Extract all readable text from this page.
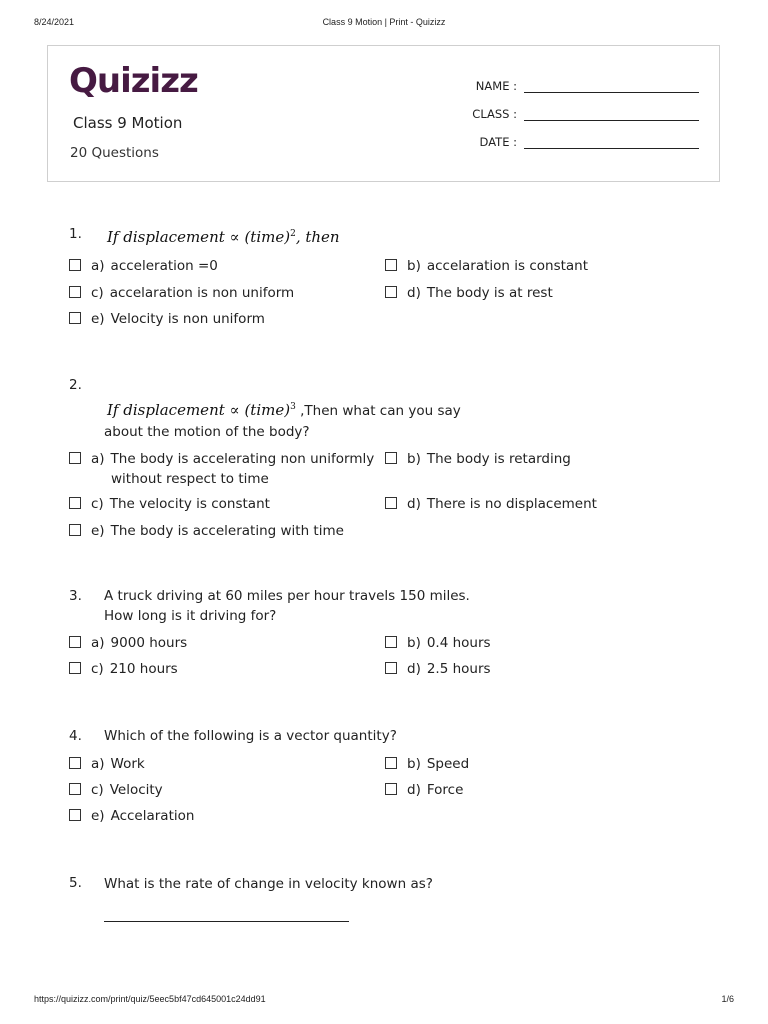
8/24/2021	Class 9 Motion | Print - Quizizz
Quizizz
Class 9 Motion
20 Questions
NAME :
CLASS :
DATE :
1. If displacement ∝ (time)$^2$, then
a) acceleration =0	b) accelaration is constant
c) accelaration is non uniform	d) The body is at rest
e) Velocity is non uniform
2.
If displacement ∝ (time)$^3$ ,Then what can you say
about the motion of the body?
a) The body is accelerating non uniformly
without respect to time
b) The body is retarding
c) The velocity is constant	d) There is no displacement
e) The body is accelerating with time
3. A truck driving at 60 miles per hour travels 150 miles.
How long is it driving for?
a) 9000 hours	b) 0.4 hours
c) 210 hours	d) 2.5 hours
4. Which of the following is a vector quantity?
a) Work	b) Speed
c) Velocity	d) Force
e) Accelaration
5. What is the rate of change in velocity known as?
https://quizizz.com/print/quiz/5eec5bf47cd645001c24dd91	1/6
